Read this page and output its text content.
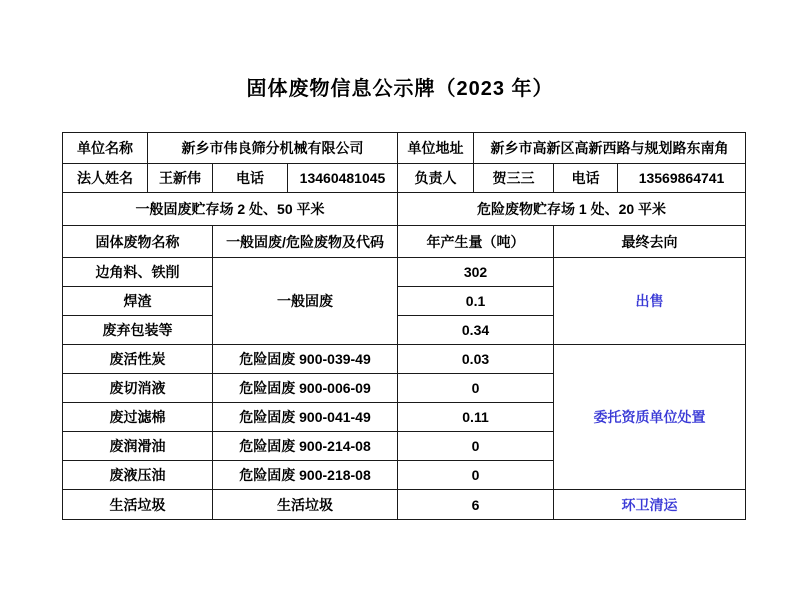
固体废物信息公示牌（2023 年）
单位名称	新乡市伟良筛分机械有限公司			单位地址	新乡市高新区高新西路与规划路东南角		
法人姓名	王新伟	电话	13460481045	负责人	贺三三	电话	13569864741
一般固废贮存场 2 处、50 平米				危险废物贮存场 1 处、20 平米			
固体废物名称		一般固废/危险废物及代码		年产生量（吨）		最终去向	
边角料、铁削		一般固废		302		出售	
焊渣				0.1			
废弃包装等				0.34			
废活性炭		危险固废 900-039-49		0.03		委托资质单位处置	
废切消液		危险固废 900-006-09		0			
废过滤棉		危险固废 900-041-49		0.11			
废润滑油		危险固废 900-214-08		0			
废液压油		危险固废 900-218-08		0			
生活垃圾		生活垃圾		6		环卫清运	
